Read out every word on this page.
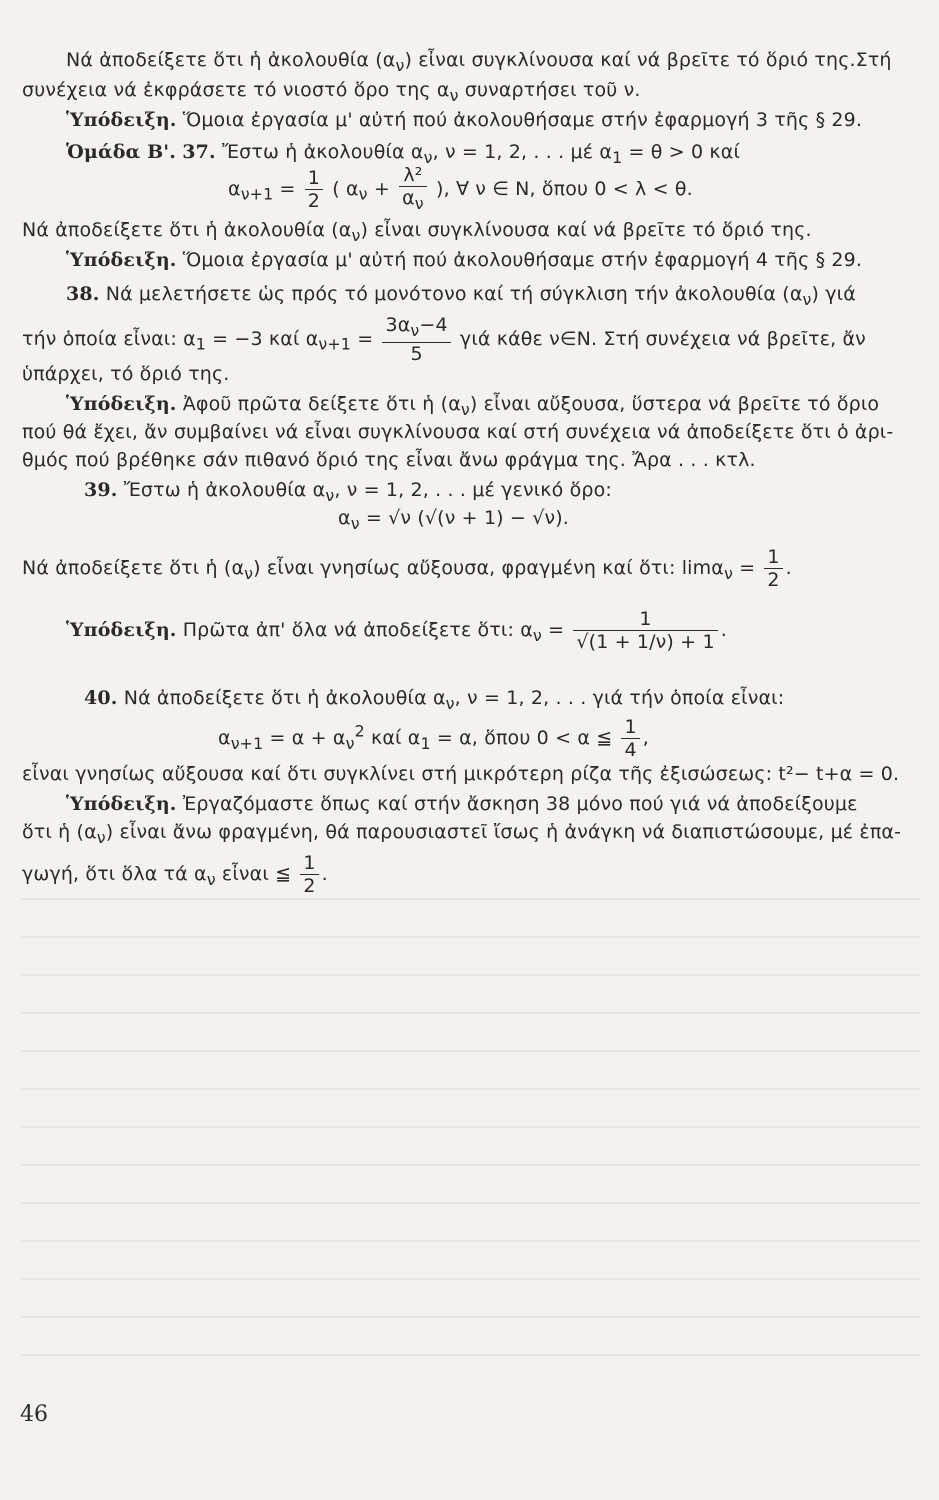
Νά ἀποδείξετε ὅτι ἡ ἀκολουθία $(\alpha_\nu)$ εἶναι συγκλίνουσα καί νά βρεῖτε τό ὅριό της.Στή
συνέχεια νά ἐκφράσετε τό νιοστό ὅρο της $\alpha_\nu$ συναρτήσει τοῦ ν.
Ὑπόδειξη. Ὅμοια ἐργασία μ' αὐτή πού ἀκολουθήσαμε στήν ἐφαρμογή 3 τῆς § 29.
Ὁμάδα Β'. 37. Ἔστω ἡ ἀκολουθία $\alpha_\nu$, ν = 1, 2, . . . μέ $\alpha_1 = \theta > 0$ καί
$\alpha_{\nu+1} = \frac{1}{2}$ ( $\alpha_\nu + \frac{\text{λ²}}{\alpha_\nu}$ ), ∀ ν ∈ N, ὅπου 0 < λ < θ.
Νά ἀποδείξετε ὅτι ἡ ἀκολουθία $(\alpha_\nu)$ εἶναι συγκλίνουσα καί νά βρεῖτε τό ὅριό της.
Ὑπόδειξη. Ὅμοια ἐργασία μ' αὐτή πού ἀκολουθήσαμε στήν ἐφαρμογή 4 τῆς § 29.
38. Νά μελετήσετε ὡς πρός τό μονότονο καί τή σύγκλιση τήν ἀκολουθία $(\alpha_\nu)$ γιά
τήν ὁποία εἶναι: $\alpha_1 = -3$ καί $\alpha_{\nu+1} = \frac{3\alpha_\nu-4}{5}$ γιά κάθε ν∈N. Στή συνέχεια νά βρεῖτε, ἄν
ὑπάρχει, τό ὅριό της.
Ὑπόδειξη. Ἀφοῦ πρῶτα δείξετε ὅτι ἡ $(\alpha_\nu)$ εἶναι αὔξουσα, ὕστερα νά βρεῖτε τό ὅριο
πού θά ἔχει, ἄν συμβαίνει νά εἶναι συγκλίνουσα καί στή συνέχεια νά ἀποδείξετε ὅτι ὁ ἀρι-
θμός πού βρέθηκε σάν πιθανό ὅριό της εἶναι ἄνω φράγμα της. Ἄρα . . . κτλ.
39. Ἔστω ἡ ἀκολουθία $\alpha_\nu$, ν = 1, 2, . . . μέ γενικό ὅρο:
$\alpha_\nu = √\nu$ (√(ν + 1) − √ν).
Νά ἀποδείξετε ὅτι ἡ $(\alpha_\nu)$ εἶναι γνησίως αὔξουσα, φραγμένη καί ὅτι: $\lim\alpha_\nu = \frac{1}{2}$ .
Ὑπόδειξη. Πρῶτα ἀπ' ὅλα νά ἀποδείξετε ὅτι: $\alpha_\nu = \frac{1}{√(1 + 1/\nu) + 1}$ .
40. Νά ἀποδείξετε ὅτι ἡ ἀκολουθία $\alpha_\nu$, ν = 1, 2, . . . γιά τήν ὁποία εἶναι:
$\alpha_{\nu+1} = \alpha + \alpha_\nu^2$ καί $\alpha_1 = \alpha$, ὅπου 0 < α ≦ $\frac{1}{4}$ ,
εἶναι γνησίως αὔξουσα καί ὅτι συγκλίνει στή μικρότερη ρίζα τῆς ἐξισώσεως: t²− t+α = 0.
Ὑπόδειξη. Ἐργαζόμαστε ὅπως καί στήν ἄσκηση 38 μόνο πού γιά νά ἀποδείξουμε
ὅτι ἡ $(\alpha_\nu)$ εἶναι ἄνω φραγμένη, θά παρουσιαστεῖ ἴσως ἡ ἀνάγκη νά διαπιστώσουμε, μέ ἐπα-
γωγή, ὅτι ὅλα τά $\alpha_\nu$ εἶναι ≦ $\frac{1}{2}$ .
46
